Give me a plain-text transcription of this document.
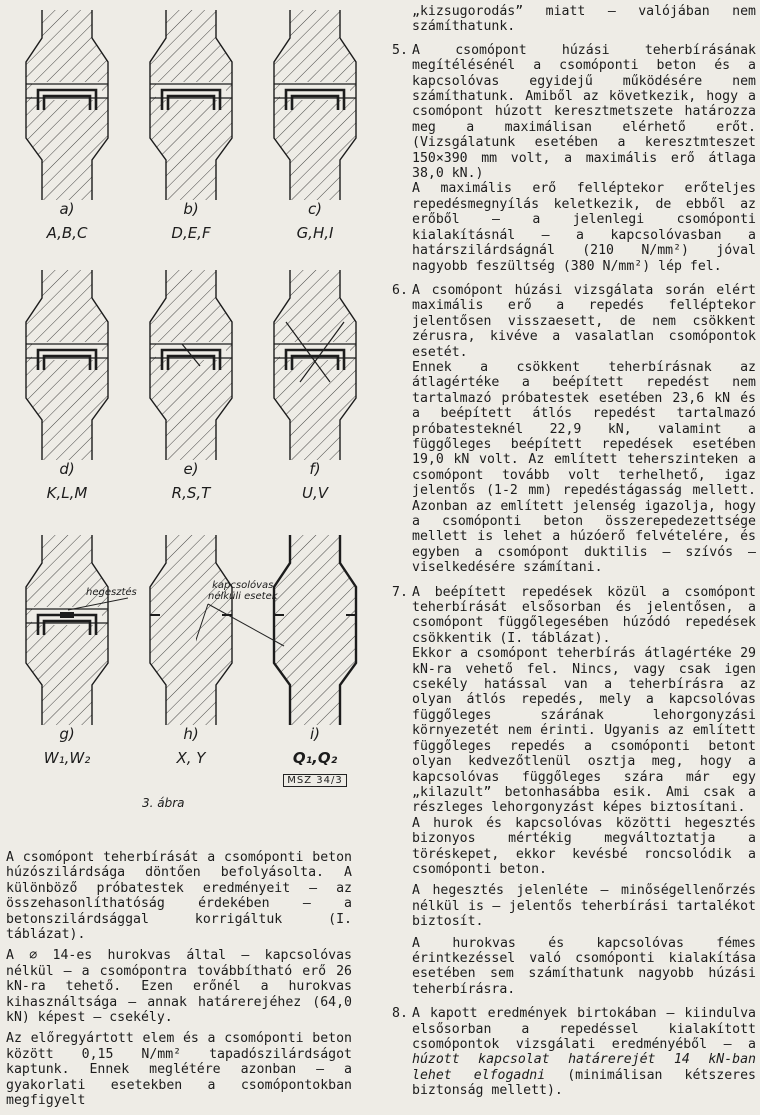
a)
A,B,C
b)
D,E,F
c)
G,H,I
d)
K,L,M
e)
R,S,T
f)
U,V
g)
W₁,W₂
h)
X, Y
i)
Q₁,Q₂
MSZ 34/3
hegesztés
kapcsolóvas
nélküli esetek
3. ábra

A csomópont teherbírását a csomóponti beton húzószilárdsága döntően befolyásolta. A különböző próbatestek eredményeit — az összehasonlíthatóság érdekében — a betonszilárdsággal korrigáltuk (I. táblázat).

A ∅ 14-es hurokvas által — kapcsolóvas nélkül — a csomópontra továbbítható erő 26 kN-ra tehető. Ezen erőnél a hurokvas kihasználtsága — annak határerejéhez (64,0 kN) képest — csekély.

Az előregyártott elem és a csomóponti beton között 0,15 N/mm² tapadószilárdságot kaptunk. Ennek meglétére azonban — a gyakorlati esetekben a csomópontokban megfigyelt

„kizsugorodás” miatt — valójában nem számíthatunk.

5. A csomópont húzási teherbírásának megítélésénél a csomóponti beton és a kapcsolóvas egyidejű működésére nem számíthatunk. Amiből az következik, hogy a csomópont húzott keresztmetszete határozza meg a maximálisan elérhető erőt. (Vizsgálatunk esetében a keresztmteszet 150×390 mm volt, a maximális erő átlaga 38,0 kN.)

A maximális erő felléptekor erőteljes repedésmegnyílás keletkezik, de ebből az erőből — a jelenlegi csomóponti kialakításnál — a kapcsolóvasban a határszilárdságnál (210 N/mm²) jóval nagyobb feszültség (380 N/mm²) lép fel.

6. A csomópont húzási vizsgálata során elért maximális erő a repedés felléptekor jelentősen visszaesett, de nem csökkent zérusra, kivéve a vasalatlan csomópontok esetét.

Ennek a csökkent teherbírásnak az átlagértéke a beépített repedést nem tartalmazó próbatestek esetében 23,6 kN és a beépített átlós repedést tartalmazó próbatesteknél 22,9 kN, valamint a függőleges beépített repedések esetében 19,0 kN volt. Az említett teherszinteken a csomópont tovább volt terhelhető, igaz jelentős (1-2 mm) repedéstágasság mellett. Azonban az említett jelenség igazolja, hogy a csomóponti beton összerepedezettsége mellett is lehet a húzóerő felvételére, és egyben a csomópont duktilis — szívós — viselkedésére számítani.

7. A beépített repedések közül a csomópont teherbírását elsősorban és jelentősen, a csomópont függőlegesében húzódó repedések csökkentik (I. táblázat).

Ekkor a csomópont teherbírás átlagértéke 29 kN-ra vehető fel. Nincs, vagy csak igen csekély hatással van a teherbírásra az olyan átlós repedés, mely a kapcsolóvas függőleges szárának lehorgonyzási környezetét nem érinti. Ugyanis az említett függőleges repedés a csomóponti betont olyan kedvezőtlenül osztja meg, hogy a kapcsolóvas függőleges szára már egy „kilazult” betonhasábba esik. Ami csak a részleges lehorgonyzást képes biztosítani.

A hurok és kapcsolóvas közötti hegesztés bizonyos mértékig megváltoztatja a töréskepet, ekkor kevésbé roncsolódik a csomóponti beton.

A hegesztés jelenléte — minőségellenőrzés nélkül is — jelentős teherbírási tartalékot biztosít.

A hurokvas és kapcsolóvas fémes érintkezéssel való csomóponti kialakítása esetében sem számíthatunk nagyobb húzási teherbírásra.

8. A kapott eredmények birtokában — kiindulva elsősorban a repedéssel kialakított csomópontok vizsgálati eredményéből — a húzott kapcsolat határerejét 14 kN-ban lehet elfogadni (minimálisan kétszeres biztonság mellett).
